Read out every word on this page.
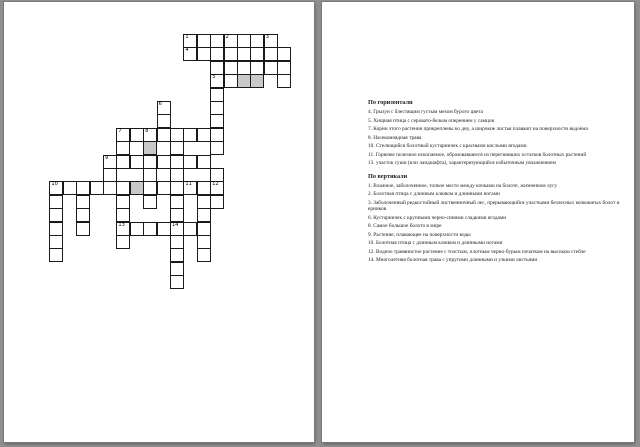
1	2	3
4
5
6
7	8
9
10	11	12
13	14
По горизонтали
4. Грызун с блестящим густым мехом бурого цвета
5. Хищная птица с серовато-белым оперением у самцов
7. Корни этого растения прикреплены ко дну, а широкие листья плавают на поверхности водоёма
8. Насекомоядная трава
10. Стелющийся болотный кустарничек с красными кислыми ягодами
11. Горючее полезное ископаемое, образовавшееся из перегнивших остатков болотных растений
13. участок суши (или ландшафта), характеризующийся избыточным увлажнением
По вертикали
1. Влажное, заболоченное, топкое место между кочками на болоте, жизненном лугу
2. Болотная птица с длинным клювом и длинными ногами
3. Заболоченный редкостойный лиственничный лес, прерывающийся участками безлесных кочковатых болот и ерников
6. Кустарничек с крупными черно-синими сладкими ягодами
8. Самое большое болото в мире
9. Растение, плавающее на поверхности воды
10. Болотная птица с длинным клювом и длинными ногами
12. Водное травянистое растение с толстым, плотным черно-бурым початком на высоком стебле
14. Многолетняя болотная трава с упругими длинными и узкими листьями
